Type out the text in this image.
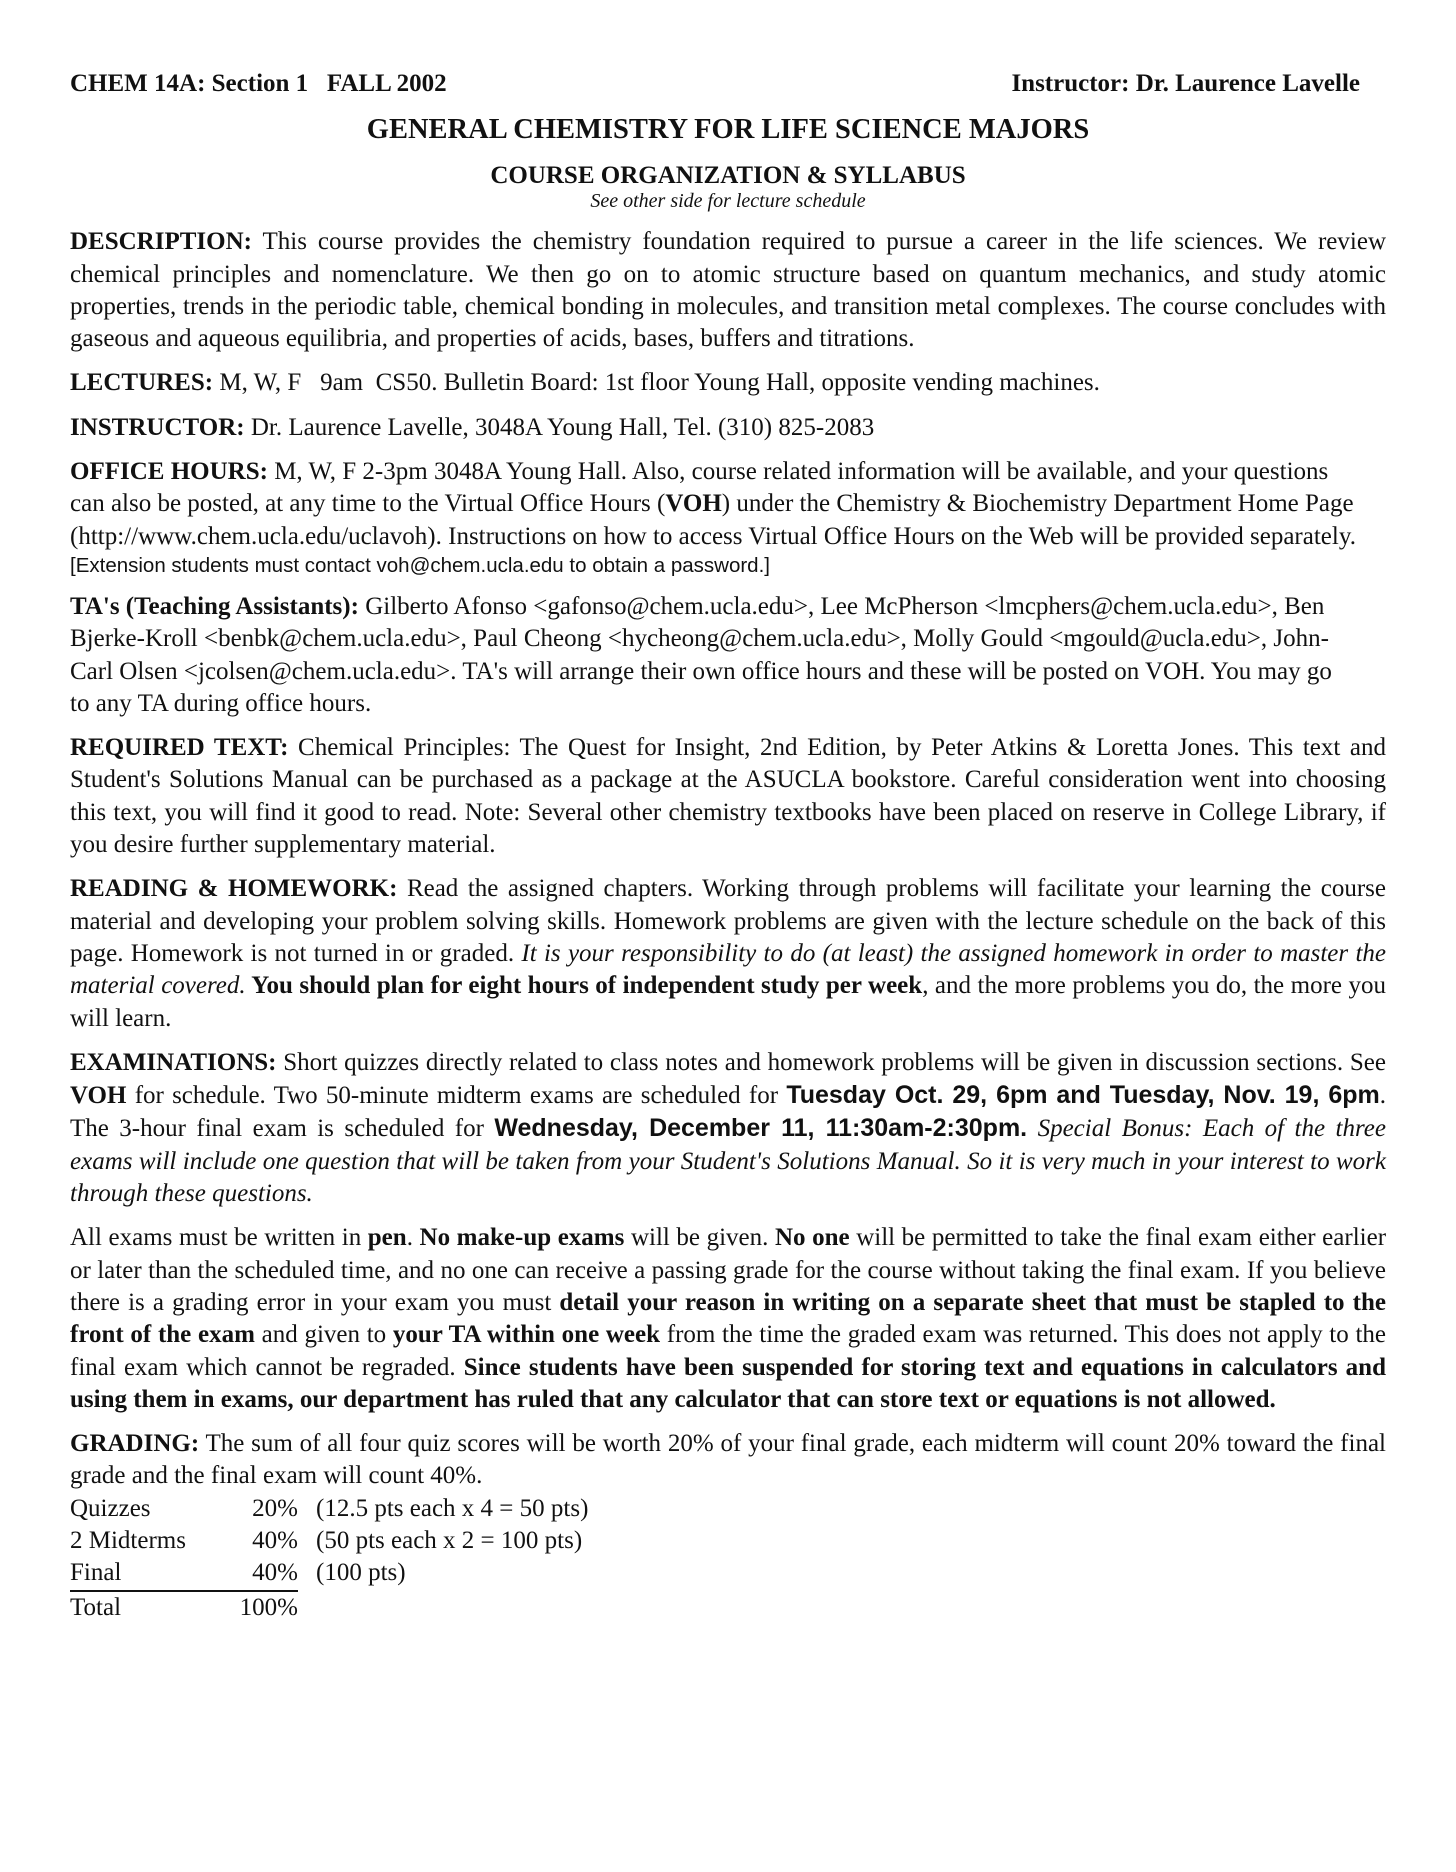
CHEM 14A: Section 1   FALL 2002	Instructor: Dr. Laurence Lavelle
GENERAL CHEMISTRY FOR LIFE SCIENCE MAJORS
COURSE ORGANIZATION & SYLLABUS
See other side for lecture schedule

DESCRIPTION: This course provides the chemistry foundation required to pursue a career in the life sciences. We review chemical principles and nomenclature. We then go on to atomic structure based on quantum mechanics, and study atomic properties, trends in the periodic table, chemical bonding in molecules, and transition metal complexes. The course concludes with gaseous and aqueous equilibria, and properties of acids, bases, buffers and titrations.

LECTURES: M, W, F   9am  CS50. Bulletin Board: 1st floor Young Hall, opposite vending machines.

INSTRUCTOR: Dr. Laurence Lavelle, 3048A Young Hall, Tel. (310) 825-2083

OFFICE HOURS: M, W, F 2-3pm 3048A Young Hall. Also, course related information will be available, and your questions can also be posted, at any time to the Virtual Office Hours (VOH) under the Chemistry & Biochemistry Department Home Page (http://www.chem.ucla.edu/uclavoh). Instructions on how to access Virtual Office Hours on the Web will be provided separately.

[Extension students must contact voh@chem.ucla.edu to obtain a password.]

TA's (Teaching Assistants): Gilberto Afonso <gafonso@chem.ucla.edu>, Lee McPherson <lmcphers@chem.ucla.edu>, Ben Bjerke-Kroll <benbk@chem.ucla.edu>, Paul Cheong <hycheong@chem.ucla.edu>, Molly Gould <mgould@ucla.edu>, John-Carl Olsen <jcolsen@chem.ucla.edu>. TA's will arrange their own office hours and these will be posted on VOH. You may go to any TA during office hours.

REQUIRED TEXT: Chemical Principles: The Quest for Insight, 2nd Edition, by Peter Atkins & Loretta Jones. This text and Student's Solutions Manual can be purchased as a package at the ASUCLA bookstore. Careful consideration went into choosing this text, you will find it good to read. Note: Several other chemistry textbooks have been placed on reserve in College Library, if you desire further supplementary material.

READING & HOMEWORK: Read the assigned chapters. Working through problems will facilitate your learning the course material and developing your problem solving skills. Homework problems are given with the lecture schedule on the back of this page. Homework is not turned in or graded. It is your responsibility to do (at least) the assigned homework in order to master the material covered. You should plan for eight hours of independent study per week, and the more problems you do, the more you will learn.

EXAMINATIONS: Short quizzes directly related to class notes and homework problems will be given in discussion sections. See VOH for schedule. Two 50-minute midterm exams are scheduled for Tuesday Oct. 29, 6pm and Tuesday, Nov. 19, 6pm. The 3-hour final exam is scheduled for Wednesday, December 11, 11:30am-2:30pm. Special Bonus: Each of the three exams will include one question that will be taken from your Student's Solutions Manual. So it is very much in your interest to work through these questions.

All exams must be written in pen. No make-up exams will be given. No one will be permitted to take the final exam either earlier or later than the scheduled time, and no one can receive a passing grade for the course without taking the final exam. If you believe there is a grading error in your exam you must detail your reason in writing on a separate sheet that must be stapled to the front of the exam and given to your TA within one week from the time the graded exam was returned. This does not apply to the final exam which cannot be regraded. Since students have been suspended for storing text and equations in calculators and using them in exams, our department has ruled that any calculator that can store text or equations is not allowed.

GRADING: The sum of all four quiz scores will be worth 20% of your final grade, each midterm will count 20% toward the final grade and the final exam will count 40%.

Quizzes	20%	(12.5 pts each x 4 = 50 pts)
2 Midterms	40%	(50 pts each x 2 = 100 pts)
Final	40%	(100 pts)
Total	100%	
